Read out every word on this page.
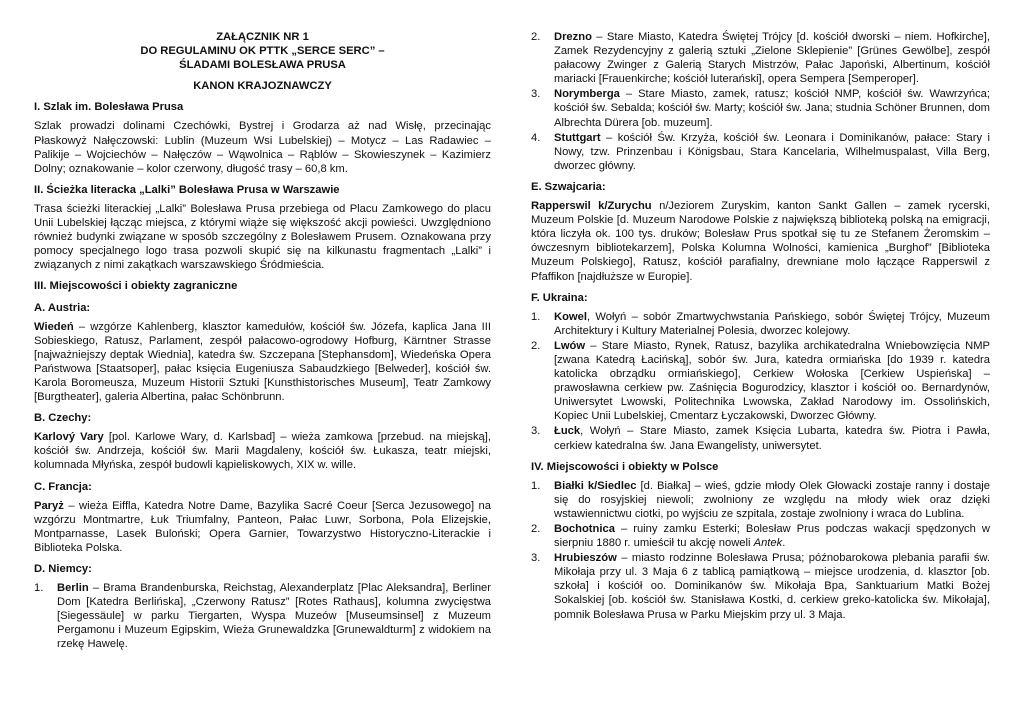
ZAŁĄCZNIK NR 1

DO REGULAMINU OK PTTK „SERCE SERC” –

ŚLADAMI BOLESŁAWA PRUSA

KANON KRAJOZNAWCZY

I. Szlak im. Bolesława Prusa

Szlak prowadzi dolinami Czechówki, Bystrej i Grodarza aż nad Wisłę, przecinając Płaskowyż Nałęczowski: Lublin (Muzeum Wsi Lubelskiej) – Motycz – Las Radawiec – Palikije – Wojciechów – Nałęczów – Wąwolnica – Rąblów – Skowieszynek – Kazimierz Dolny; oznakowanie – kolor czerwony, długość trasy – 60,8 km.

II. Ścieżka literacka „Lalki” Bolesława Prusa w Warszawie

Trasa ścieżki literackiej „Lalki” Bolesława Prusa przebiega od Placu Zamkowego do placu Unii Lubelskiej łącząc miejsca, z którymi wiąże się większość akcji powieści. Uwzględniono również budynki związane w sposób szczególny z Bolesławem Prusem. Oznakowana przy pomocy specjalnego logo trasa pozwoli skupić się na kilkunastu fragmentach „Lalki” i związanych z nimi zakątkach warszawskiego Śródmieścia.

III. Miejscowości i obiekty zagraniczne
A. Austria:

Wiedeń – wzgórze Kahlenberg, klasztor kamedułów, kościół św. Józefa, kaplica Jana III Sobieskiego, Ratusz, Parlament, zespół pałacowo-ogrodowy Hofburg, Kärntner Strasse [najważniejszy deptak Wiednia], katedra św. Szczepana [Stephansdom], Wiedeńska Opera Państwowa [Staatsoper], pałac księcia Eugeniusza Sabaudzkiego [Belweder], kościół św. Karola Boromeusza, Muzeum Historii Sztuki [Kunsthistorisches Museum], Teatr Zamkowy [Burgtheater], galeria Albertina, pałac Schönbrunn.

B. Czechy:

Karlový Vary [pol. Karlowe Wary, d. Karlsbad] – wieża zamkowa [przebud. na miejską], kościół św. Andrzeja, kościół św. Marii Magdaleny, kościół św. Łukasza, teatr miejski, kolumnada Młyńska, zespół budowli kąpieliskowych, XIX w. wille.

C. Francja:

Paryż – wieża Eiffla, Katedra Notre Dame, Bazylika Sacré Coeur [Serca Jezusowego] na wzgórzu Montmartre, Łuk Triumfalny, Panteon, Pałac Luwr, Sorbona, Pola Elizejskie, Montparnasse, Lasek Buloński; Opera Garnier, Towarzystwo Historyczno-Literackie i Biblioteka Polska.

D. Niemcy:
1. Berlin – Brama Brandenburska, Reichstag, Alexanderplatz [Plac Aleksandra], Berliner Dom [Katedra Berlińska], „Czerwony Ratusz” [Rotes Rathaus], kolumna zwycięstwa [Siegessäule] w parku Tiergarten, Wyspa Muzeów [Museumsinsel] z Muzeum Pergamonu i Muzeum Egipskim, Wieża Grunewaldzka [Grunewaldturm] z widokiem na rzekę Hawelę.
2. Drezno – Stare Miasto, Katedra Świętej Trójcy [d. kościół dworski – niem. Hofkirche], Zamek Rezydencyjny z galerią sztuki „Zielone Sklepienie” [Grünes Gewölbe], zespół pałacowy Zwinger z Galerią Starych Mistrzów, Pałac Japoński, Albertinum, kościół mariacki [Frauenkirche; kościół luterański], opera Sempera [Semperoper].
3. Norymberga – Stare Miasto, zamek, ratusz; kościół NMP, kościół św. Wawrzyńca; kościół św. Sebalda; kościół św. Marty; kościół św. Jana; studnia Schöner Brunnen, dom Albrechta Dürera [ob. muzeum].
4. Stuttgart – kościół Św. Krzyża, kościół św. Leonara i Dominikanów, pałace: Stary i Nowy, tzw. Prinzenbau i Königsbau, Stara Kancelaria, Wilhelmuspalast, Villa Berg, dworzec główny.
E. Szwajcaria:

Rapperswil k/Zurychu n/Jeziorem Zuryskim, kanton Sankt Gallen – zamek rycerski, Muzeum Polskie [d. Muzeum Narodowe Polskie z największą biblioteką polską na emigracji, która liczyła ok. 100 tys. druków; Bolesław Prus spotkał się tu ze Stefanem Żeromskim – ówczesnym bibliotekarzem], Polska Kolumna Wolności, kamienica „Burghof” [Biblioteka Muzeum Polskiego], Ratusz, kościół parafialny, drewniane molo łączące Rapperswil z Pfaffikon [najdłuższe w Europie].

F. Ukraina:
1. Kowel, Wołyń – sobór Zmartwychwstania Pańskiego, sobór Świętej Trójcy, Muzeum Architektury i Kultury Materialnej Polesia, dworzec kolejowy.
2. Lwów – Stare Miasto, Rynek, Ratusz, bazylika archikatedralna Wniebowzięcia NMP [zwana Katedrą Łacińską], sobór św. Jura, katedra ormiańska [do 1939 r. katedra katolicka obrządku ormiańskiego], Cerkiew Wołoska [Cerkiew Uspieńska] – prawosławna cerkiew pw. Zaśnięcia Bogurodzicy, klasztor i kościół oo. Bernardynów, Uniwersytet Lwowski, Politechnika Lwowska, Zakład Narodowy im. Ossolińskich, Kopiec Unii Lubelskiej, Cmentarz Łyczakowski, Dworzec Główny.
3. Łuck, Wołyń – Stare Miasto, zamek Księcia Lubarta, katedra św. Piotra i Pawła, cerkiew katedralna św. Jana Ewangelisty, uniwersytet.
IV. Miejscowości i obiekty w Polsce
1. Białki k/Siedlec [d. Białka] – wieś, gdzie młody Olek Głowacki zostaje ranny i dostaje się do rosyjskiej niewoli; zwolniony ze względu na młody wiek oraz dzięki wstawiennictwu ciotki, po wyjściu ze szpitala, zostaje zwolniony i wraca do Lublina.
2. Bochotnica – ruiny zamku Esterki; Bolesław Prus podczas wakacji spędzonych w sierpniu 1880 r. umieścił tu akcję noweli Antek.
3. Hrubieszów – miasto rodzinne Bolesława Prusa; późnobarokowa plebania parafii św. Mikołaja przy ul. 3 Maja 6 z tablicą pamiątkową – miejsce urodzenia, d. klasztor [ob. szkoła] i kościół oo. Dominikanów św. Mikołaja Bpa, Sanktuarium Matki Bożej Sokalskiej [ob. kościół św. Stanisława Kostki, d. cerkiew greko-katolicka św. Mikołaja], pomnik Bolesława Prusa w Parku Miejskim przy ul. 3 Maja.
